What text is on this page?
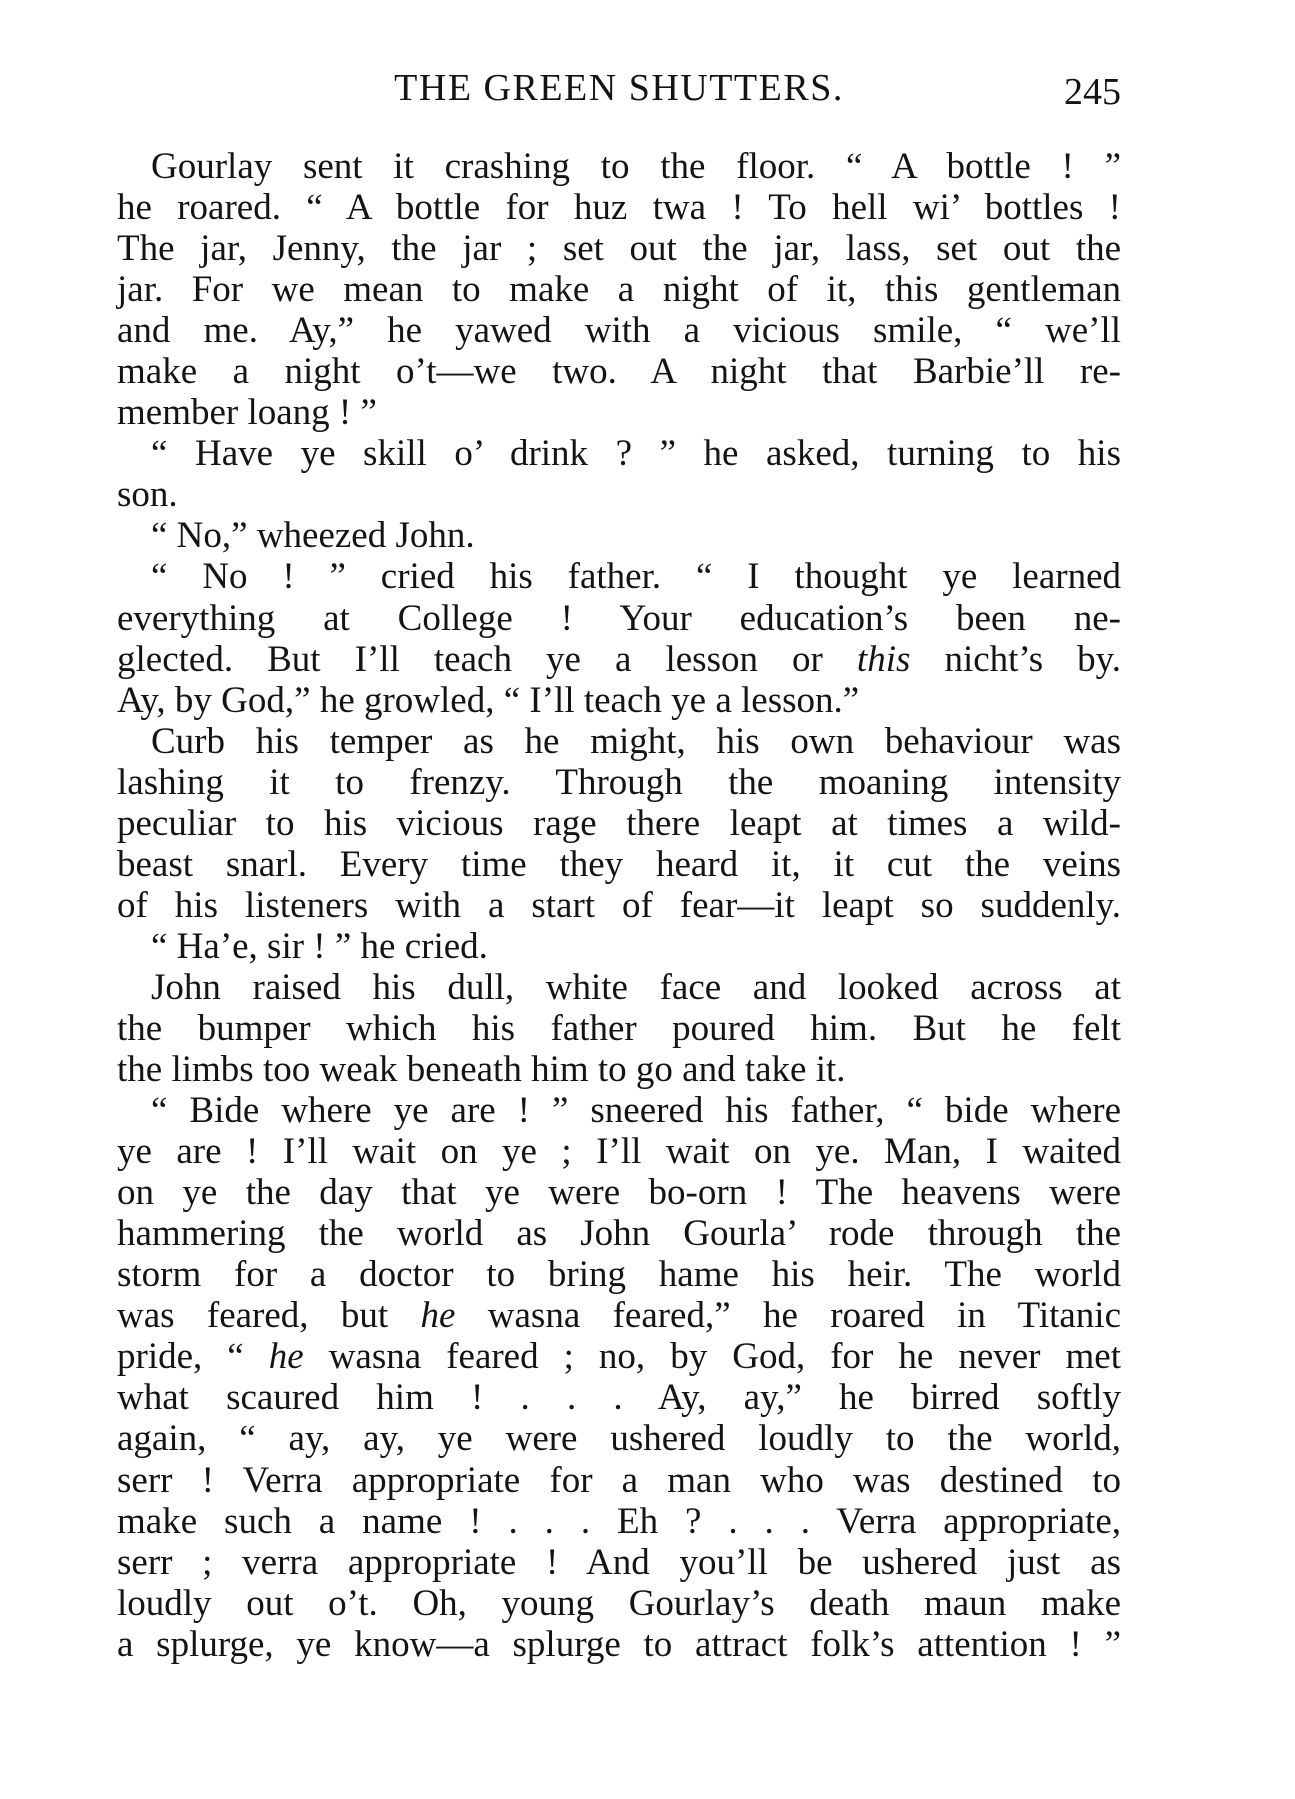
THE GREEN SHUTTERS.	245
Gourlay sent it crashing to the floor. “ A bottle ! ”
he roared. “ A bottle for huz twa ! To hell wi’ bottles !
The jar, Jenny, the jar ; set out the jar, lass, set out the
jar. For we mean to make a night of it, this gentleman
and me. Ay,” he yawed with a vicious smile, “ we’ll
make a night o’t—we two. A night that Barbie’ll re-
member loang ! ”
“ Have ye skill o’ drink ? ” he asked, turning to his
son.
“ No,” wheezed John.
“ No ! ” cried his father. “ I thought ye learned
everything at College ! Your education’s been ne-
glected. But I’ll teach ye a lesson or this nicht’s by.
Ay, by God,” he growled, “ I’ll teach ye a lesson.”
Curb his temper as he might, his own behaviour was
lashing it to frenzy. Through the moaning intensity
peculiar to his vicious rage there leapt at times a wild-
beast snarl. Every time they heard it, it cut the veins
of his listeners with a start of fear—it leapt so suddenly.
“ Ha’e, sir ! ” he cried.
John raised his dull, white face and looked across at
the bumper which his father poured him. But he felt
the limbs too weak beneath him to go and take it.
“ Bide where ye are ! ” sneered his father, “ bide where
ye are ! I’ll wait on ye ; I’ll wait on ye. Man, I waited
on ye the day that ye were bo-orn ! The heavens were
hammering the world as John Gourla’ rode through the
storm for a doctor to bring hame his heir. The world
was feared, but he wasna feared,” he roared in Titanic
pride, “ he wasna feared ; no, by God, for he never met
what scaured him ! . . . Ay, ay,” he birred softly
again, “ ay, ay, ye were ushered loudly to the world,
serr ! Verra appropriate for a man who was destined to
make such a name ! . . . Eh ? . . . Verra appropriate,
serr ; verra appropriate ! And you’ll be ushered just as
loudly out o’t. Oh, young Gourlay’s death maun make
a splurge, ye know—a splurge to attract folk’s attention ! ”
